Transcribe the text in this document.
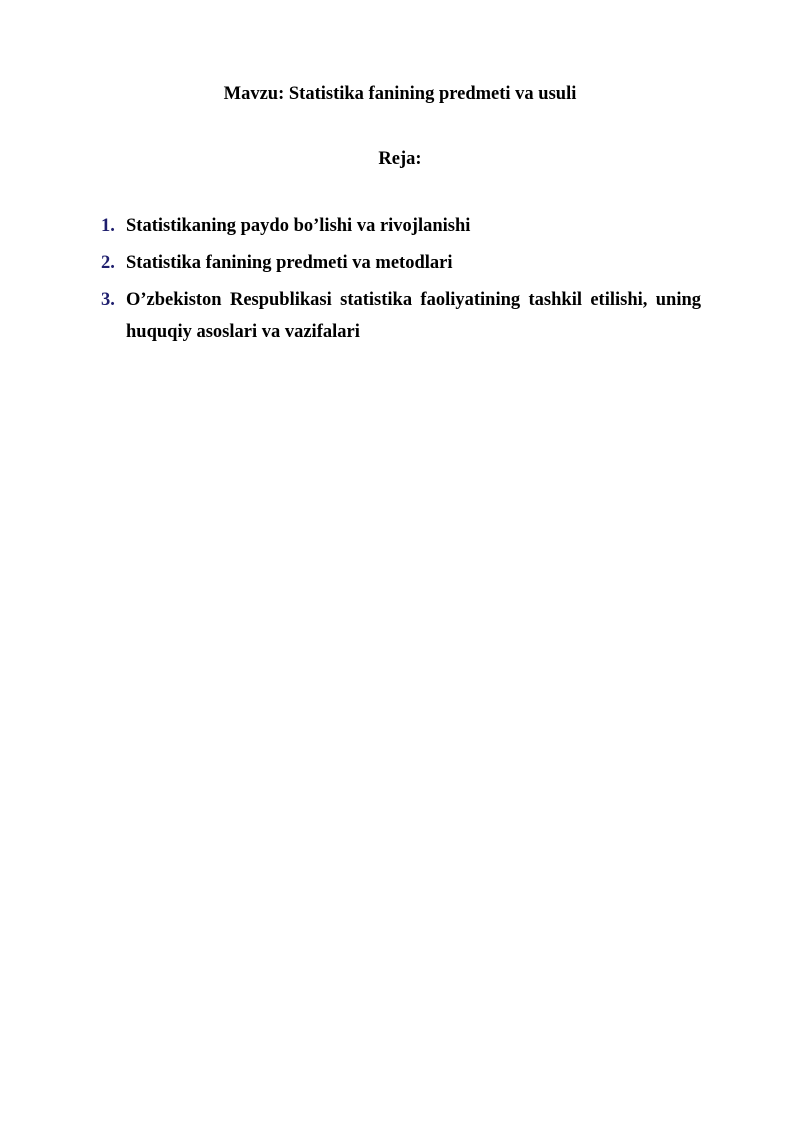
Mavzu: Statistika fanining predmeti va usuli
Reja:
1. Statistikaning paydo bo’lishi va rivojlanishi
2. Statistika fanining predmeti va metodlari
3. O’zbekiston Respublikasi statistika faoliyatining tashkil etilishi, uning huquqiy asoslari va vazifalari
